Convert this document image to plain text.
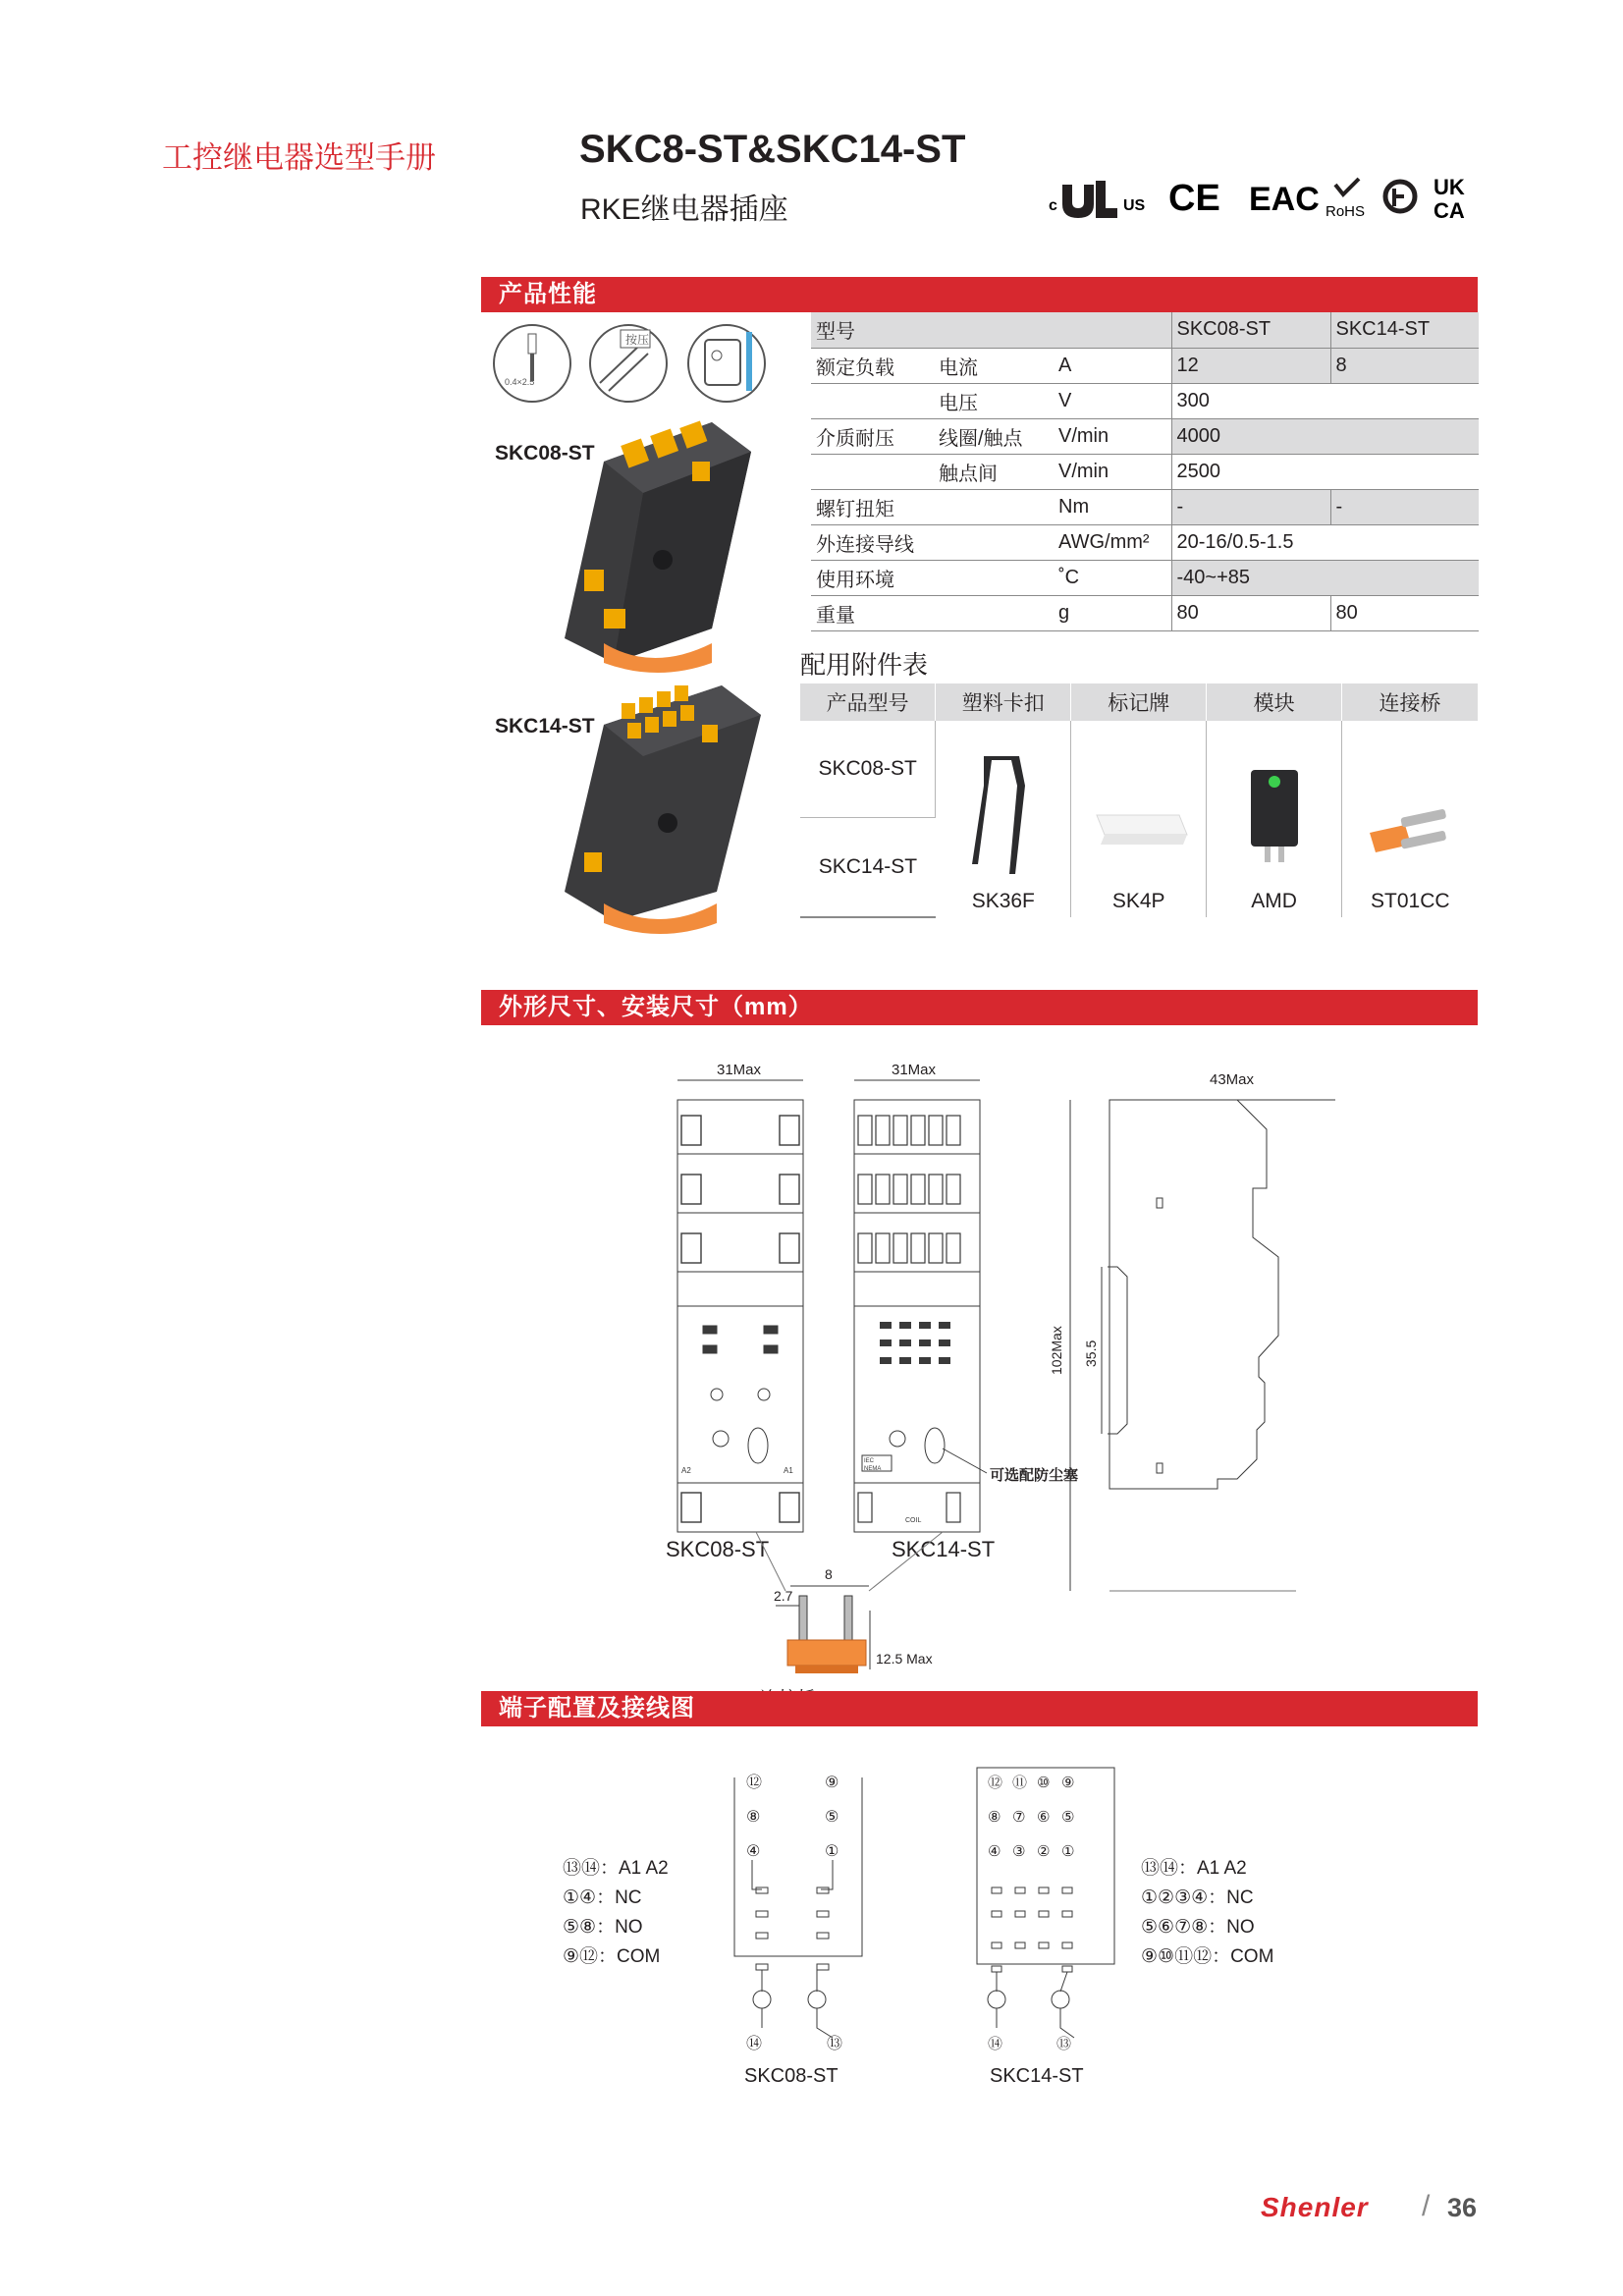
工控继电器选型手册	SKC8-ST&SKC14-ST
RKE继电器插座	c	US CE EAC RoHS
UK
CA
产品性能
0.4×2.5
按压
SKC08-ST
SKC14-ST
型号			SKC08-ST	SKC14-ST
额定负载	电流	A	12	8
	电压	V	300	
介质耐压	线圈/触点	V/min	4000	
	触点间	V/min	2500	
螺钉扭矩		Nm	-	-
外连接导线		AWG/mm²	20-16/0.5-1.5	
使用环境		˚C	-40~+85	
重量		g	80	80
配用附件表
产品型号	塑料卡扣	标记牌	模块	连接桥
SKC08-ST	SK36F	SK4P	AMD	ST01CC

SKC14-ST				
外形尺寸、安装尺寸（mm）
31Max
A2	A1
SKC08-ST
31Max
IEC
NEMA
COIL
SKC14-ST
可选配防尘塞
43Max
102Max 35.5
8
2.7
12.5 Max
端子配置及接线图
⑬⑭：A1 A2
①④：NC
⑤⑧：NO
⑨⑫：COM
⑬⑭：A1 A2
①②③④：NC
⑤⑥⑦⑧：NO
⑨⑩⑪⑫：COM
⑫	⑨
⑧	⑤
④	①
⑭	⑬
SKC08-ST
⑫ ⑪ ⑩ ⑨
⑧ ⑦ ⑥ ⑤
④ ③ ② ①
⑭	⑬
SKC14-ST
Shenler / 36
